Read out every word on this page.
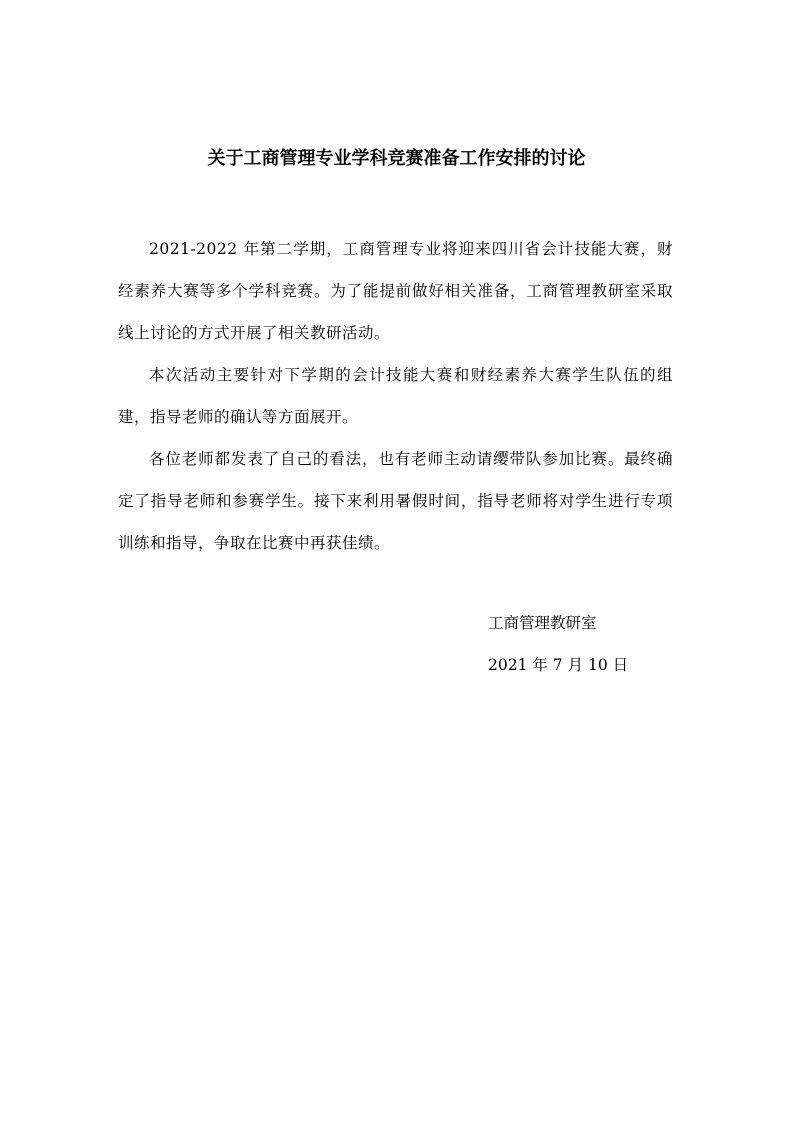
关于工商管理专业学科竞赛准备工作安排的讨论

2021-2022 年第二学期，工商管理专业将迎来四川省会计技能大赛，财经素养大赛等多个学科竞赛。为了能提前做好相关准备，工商管理教研室采取线上讨论的方式开展了相关教研活动。

本次活动主要针对下学期的会计技能大赛和财经素养大赛学生队伍的组建，指导老师的确认等方面展开。

各位老师都发表了自己的看法，也有老师主动请缨带队参加比赛。最终确定了指导老师和参赛学生。接下来利用暑假时间，指导老师将对学生进行专项训练和指导，争取在比赛中再获佳绩。

工商管理教研室
2021 年 7 月 10 日
